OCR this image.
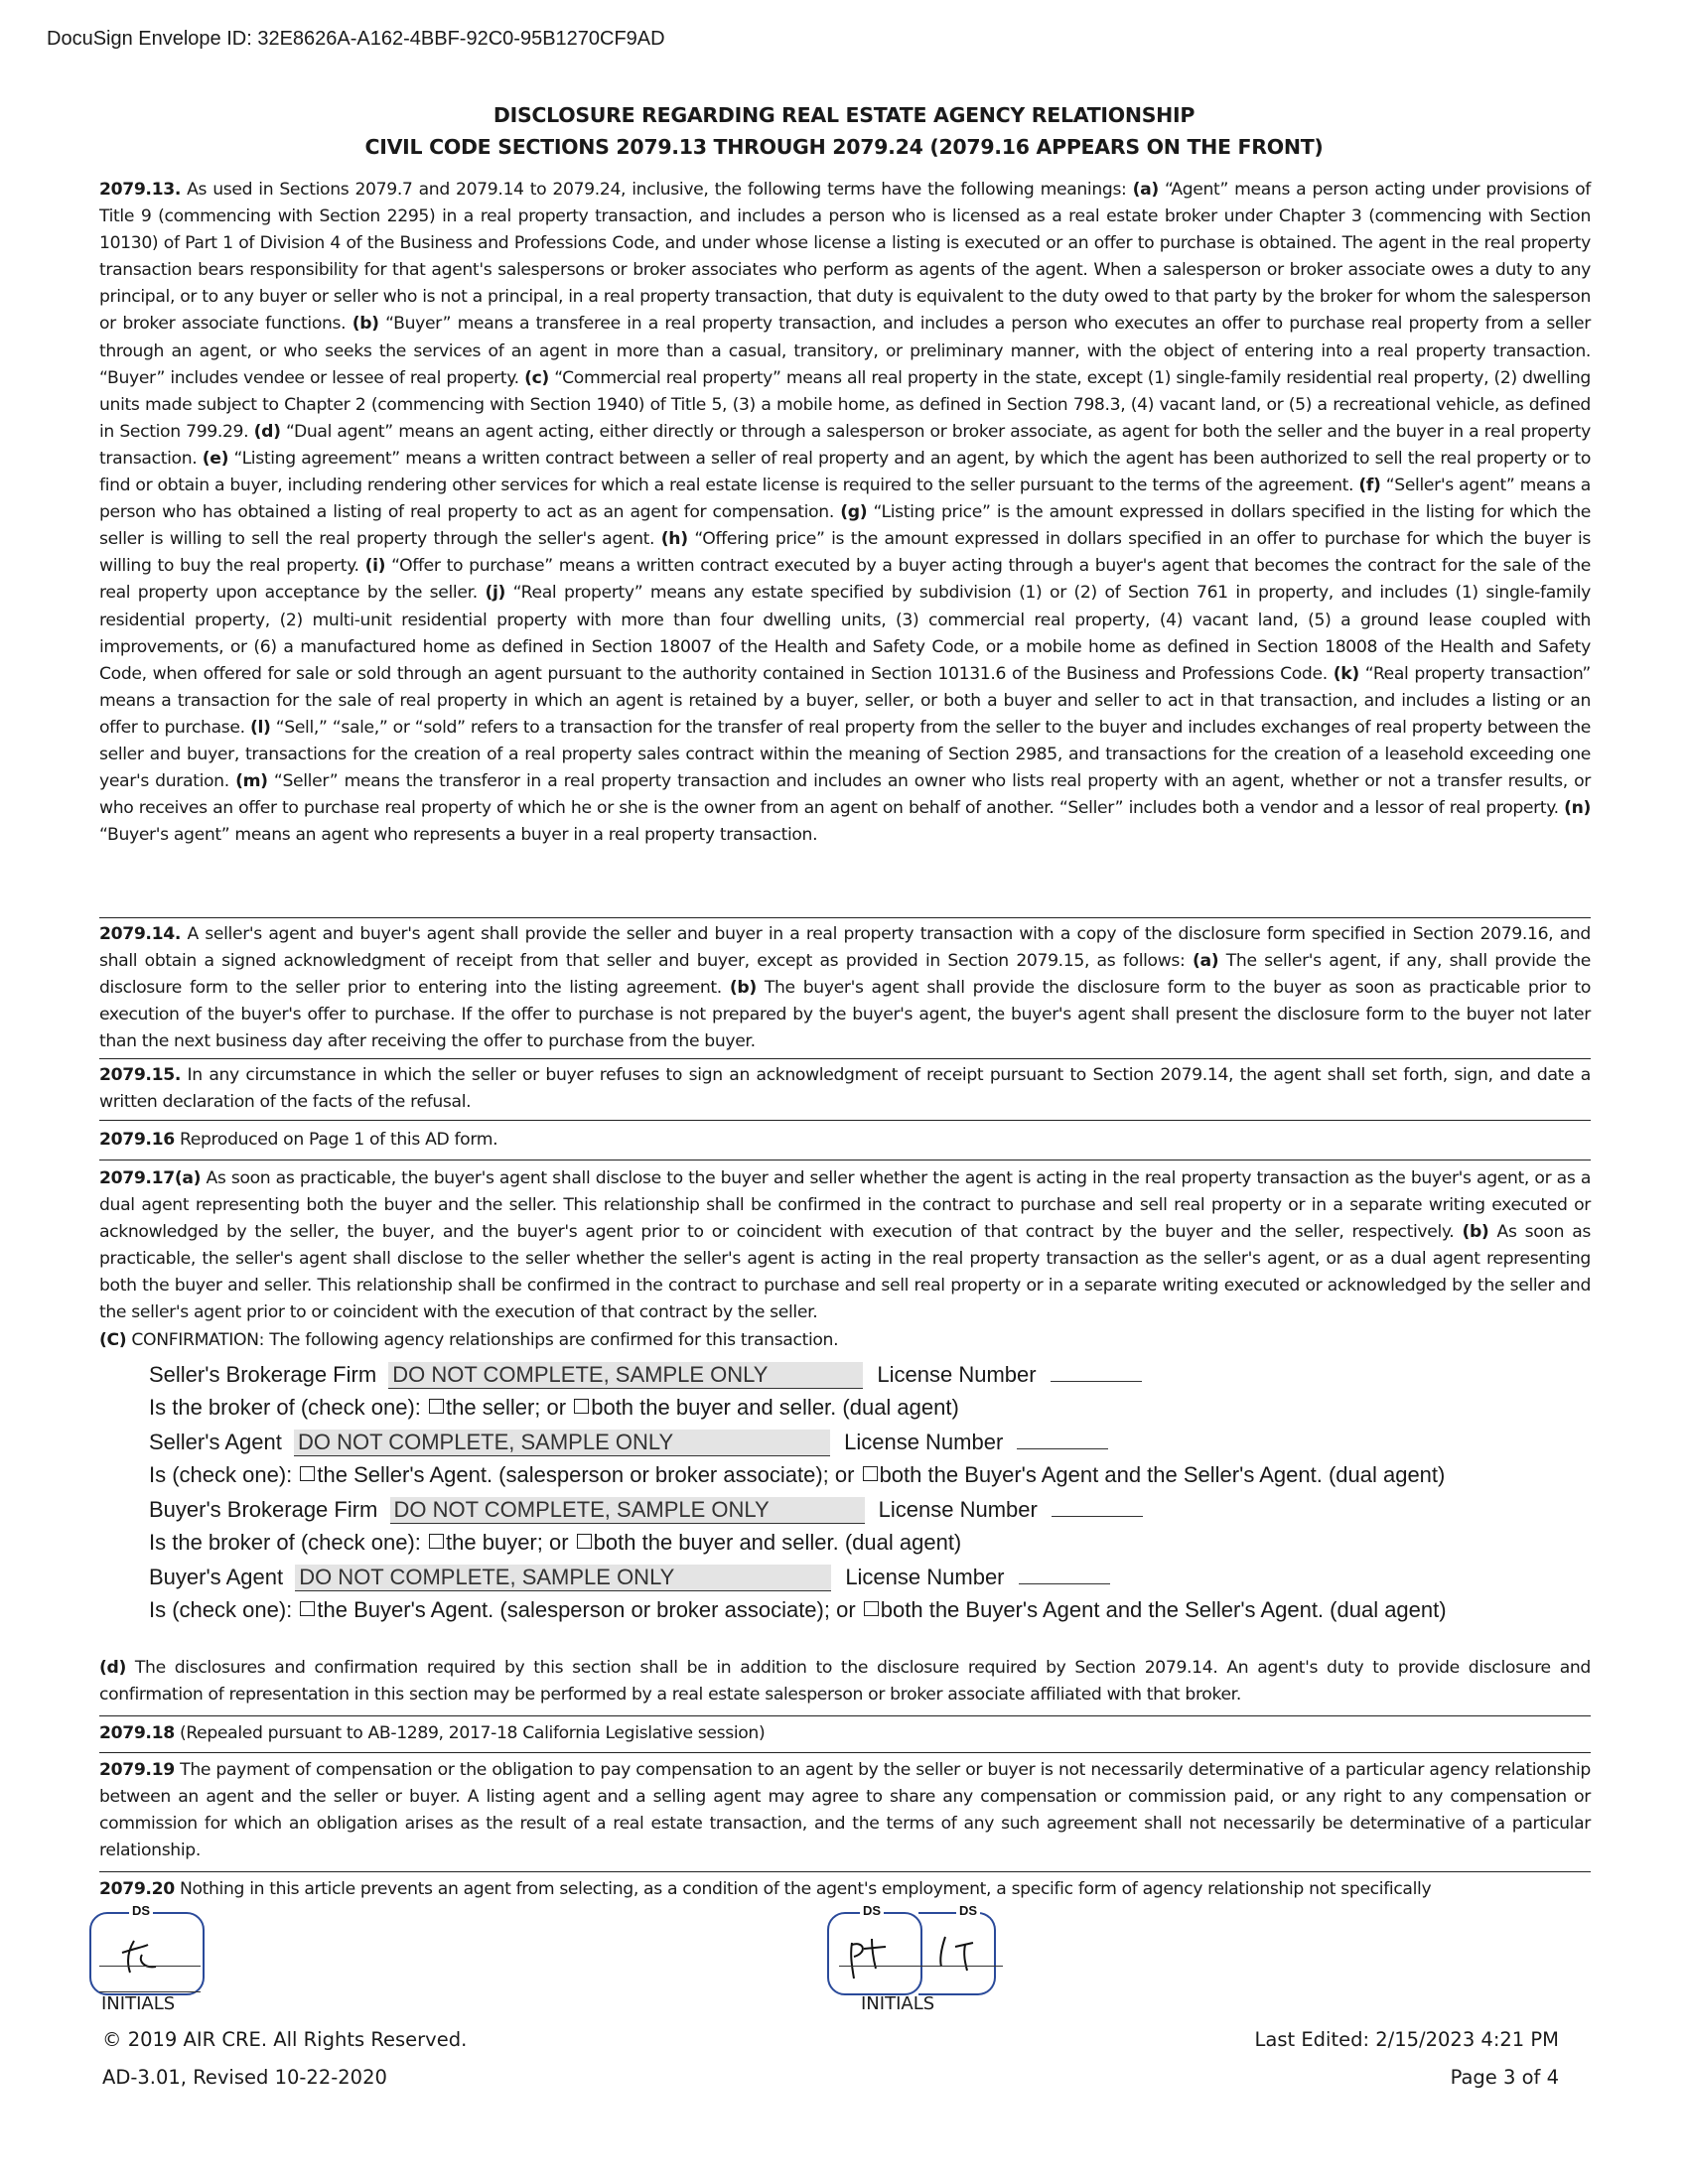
DocuSign Envelope ID: 32E8626A-A162-4BBF-92C0-95B1270CF9AD
DISCLOSURE REGARDING REAL ESTATE AGENCY RELATIONSHIP
CIVIL CODE SECTIONS 2079.13 THROUGH 2079.24 (2079.16 APPEARS ON THE FRONT)

2079.13. As used in Sections 2079.7 and 2079.14 to 2079.24, inclusive, the following terms have the following meanings: (a) “Agent” means a person acting under provisions of Title 9 (commencing with Section 2295) in a real property transaction, and includes a person who is licensed as a real estate broker under Chapter 3 (commencing with Section 10130) of Part 1 of Division 4 of the Business and Professions Code, and under whose license a listing is executed or an offer to purchase is obtained. The agent in the real property transaction bears responsibility for that agent's salespersons or broker associates who perform as agents of the agent. When a salesperson or broker associate owes a duty to any principal, or to any buyer or seller who is not a principal, in a real property transaction, that duty is equivalent to the duty owed to that party by the broker for whom the salesperson or broker associate functions. (b) “Buyer” means a transferee in a real property transaction, and includes a person who executes an offer to purchase real property from a seller through an agent, or who seeks the services of an agent in more than a casual, transitory, or preliminary manner, with the object of entering into a real property transaction. “Buyer” includes vendee or lessee of real property. (c) “Commercial real property” means all real property in the state, except (1) single-family residential real property, (2) dwelling units made subject to Chapter 2 (commencing with Section 1940) of Title 5, (3) a mobile home, as defined in Section 798.3, (4) vacant land, or (5) a recreational vehicle, as defined in Section 799.29. (d) “Dual agent” means an agent acting, either directly or through a salesperson or broker associate, as agent for both the seller and the buyer in a real property transaction. (e) “Listing agreement” means a written contract between a seller of real property and an agent, by which the agent has been authorized to sell the real property or to find or obtain a buyer, including rendering other services for which a real estate license is required to the seller pursuant to the terms of the agreement. (f) “Seller's agent” means a person who has obtained a listing of real property to act as an agent for compensation. (g) “Listing price” is the amount expressed in dollars specified in the listing for which the seller is willing to sell the real property through the seller's agent. (h) “Offering price” is the amount expressed in dollars specified in an offer to purchase for which the buyer is willing to buy the real property. (i) “Offer to purchase” means a written contract executed by a buyer acting through a buyer's agent that becomes the contract for the sale of the real property upon acceptance by the seller. (j) “Real property” means any estate specified by subdivision (1) or (2) of Section 761 in property, and includes (1) single-family residential property, (2) multi-unit residential property with more than four dwelling units, (3) commercial real property, (4) vacant land, (5) a ground lease coupled with improvements, or (6) a manufactured home as defined in Section 18007 of the Health and Safety Code, or a mobile home as defined in Section 18008 of the Health and Safety Code, when offered for sale or sold through an agent pursuant to the authority contained in Section 10131.6 of the Business and Professions Code. (k) “Real property transaction” means a transaction for the sale of real property in which an agent is retained by a buyer, seller, or both a buyer and seller to act in that transaction, and includes a listing or an offer to purchase. (l) “Sell,” “sale,” or “sold” refers to a transaction for the transfer of real property from the seller to the buyer and includes exchanges of real property between the seller and buyer, transactions for the creation of a real property sales contract within the meaning of Section 2985, and transactions for the creation of a leasehold exceeding one year's duration. (m) “Seller” means the transferor in a real property transaction and includes an owner who lists real property with an agent, whether or not a transfer results, or who receives an offer to purchase real property of which he or she is the owner from an agent on behalf of another. “Seller” includes both a vendor and a lessor of real property. (n) “Buyer's agent” means an agent who represents a buyer in a real property transaction.

2079.14. A seller's agent and buyer's agent shall provide the seller and buyer in a real property transaction with a copy of the disclosure form specified in Section 2079.16, and shall obtain a signed acknowledgment of receipt from that seller and buyer, except as provided in Section 2079.15, as follows: (a) The seller's agent, if any, shall provide the disclosure form to the seller prior to entering into the listing agreement. (b) The buyer's agent shall provide the disclosure form to the buyer as soon as practicable prior to execution of the buyer's offer to purchase. If the offer to purchase is not prepared by the buyer's agent, the buyer's agent shall present the disclosure form to the buyer not later than the next business day after receiving the offer to purchase from the buyer.

2079.15. In any circumstance in which the seller or buyer refuses to sign an acknowledgment of receipt pursuant to Section 2079.14, the agent shall set forth, sign, and date a written declaration of the facts of the refusal.

2079.16 Reproduced on Page 1 of this AD form.

2079.17(a) As soon as practicable, the buyer's agent shall disclose to the buyer and seller whether the agent is acting in the real property transaction as the buyer's agent, or as a dual agent representing both the buyer and the seller. This relationship shall be confirmed in the contract to purchase and sell real property or in a separate writing executed or acknowledged by the seller, the buyer, and the buyer's agent prior to or coincident with execution of that contract by the buyer and the seller, respectively. (b) As soon as practicable, the seller's agent shall disclose to the seller whether the seller's agent is acting in the real property transaction as the seller's agent, or as a dual agent representing both the buyer and seller. This relationship shall be confirmed in the contract to purchase and sell real property or in a separate writing executed or acknowledged by the seller and the seller's agent prior to or coincident with the execution of that contract by the seller.

(C) CONFIRMATION: The following agency relationships are confirmed for this transaction.

Seller's Brokerage Firm DO NOT COMPLETE, SAMPLE ONLY	License Number
Is the broker of (check one): the seller; or both the buyer and seller. (dual agent)
Seller's Agent DO NOT COMPLETE, SAMPLE ONLY	License Number
Is (check one): the Seller's Agent. (salesperson or broker associate); or both the Buyer's Agent and the Seller's Agent. (dual agent)
Buyer's Brokerage Firm DO NOT COMPLETE, SAMPLE ONLY	License Number
Is the broker of (check one): the buyer; or both the buyer and seller. (dual agent)
Buyer's Agent DO NOT COMPLETE, SAMPLE ONLY	License Number
Is (check one): the Buyer's Agent. (salesperson or broker associate); or both the Buyer's Agent and the Seller's Agent. (dual agent)

(d) The disclosures and confirmation required by this section shall be in addition to the disclosure required by Section 2079.14. An agent's duty to provide disclosure and confirmation of representation in this section may be performed by a real estate salesperson or broker associate affiliated with that broker.

2079.18 (Repealed pursuant to AB-1289, 2017-18 California Legislative session)

2079.19 The payment of compensation or the obligation to pay compensation to an agent by the seller or buyer is not necessarily determinative of a particular agency relationship between an agent and the seller or buyer. A listing agent and a selling agent may agree to share any compensation or commission paid, or any right to any compensation or commission for which an obligation arises as the result of a real estate transaction, and the terms of any such agreement shall not necessarily be determinative of a particular relationship.

2079.20 Nothing in this article prevents an agent from selecting, as a condition of the agent's employment, a specific form of agency relationship not specifically

DS
INITIALS
DS	DS
INITIALS
© 2019 AIR CRE. All Rights Reserved.
AD-3.01, Revised 10-22-2020
Last Edited: 2/15/2023 4:21 PM
Page 3 of 4
